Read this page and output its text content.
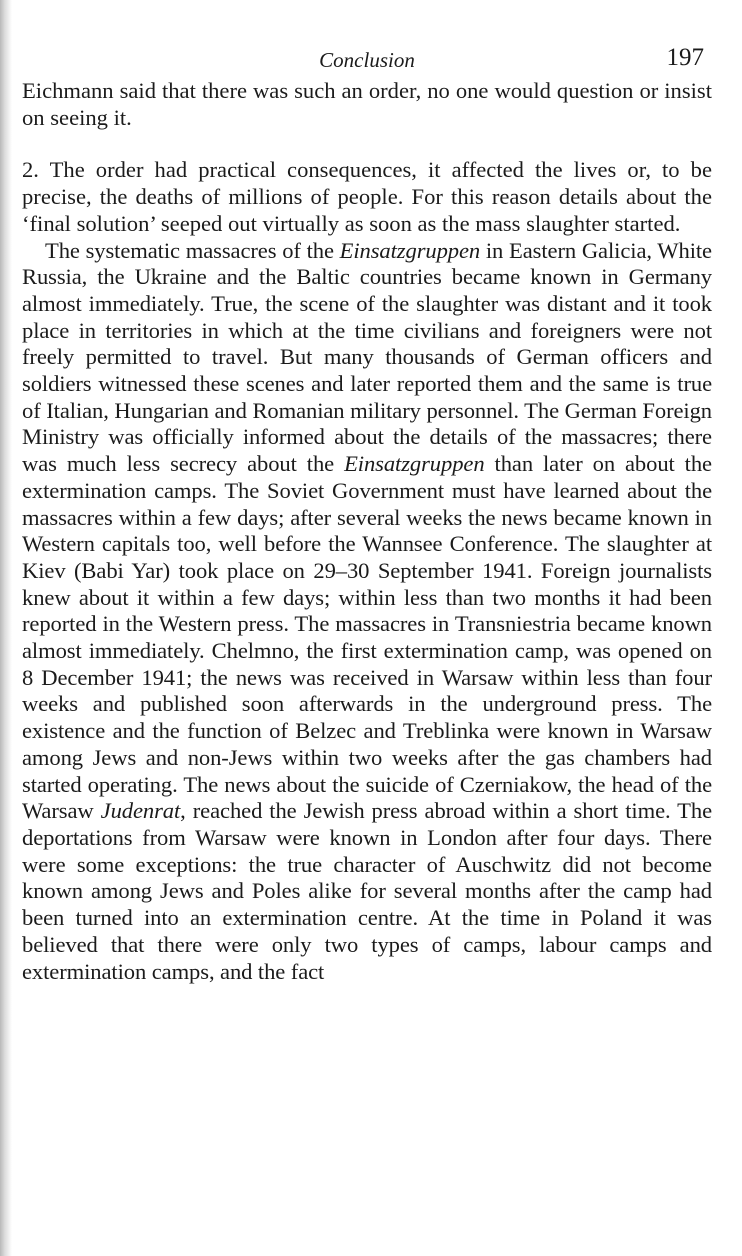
Conclusion	197

Eichmann said that there was such an order, no one would question or insist on seeing it.

2. The order had practical consequences, it affected the lives or, to be precise, the deaths of millions of people. For this reason details about the ‘final solution’ seeped out virtually as soon as the mass slaughter started.

The systematic massacres of the Einsatzgruppen in Eastern Galicia, White Russia, the Ukraine and the Baltic countries became known in Germany almost immediately. True, the scene of the slaughter was distant and it took place in territories in which at the time civilians and foreigners were not freely permitted to travel. But many thousands of German officers and soldiers witnessed these scenes and later reported them and the same is true of Italian, Hungarian and Romanian military personnel. The German Foreign Ministry was officially informed about the details of the massacres; there was much less secrecy about the Einsatzgruppen than later on about the extermination camps. The Soviet Government must have learned about the massacres within a few days; after several weeks the news became known in Western capitals too, well before the Wannsee Conference. The slaughter at Kiev (Babi Yar) took place on 29–30 September 1941. Foreign journalists knew about it within a few days; within less than two months it had been reported in the Western press. The massacres in Transniestria became known almost immediately. Chelmno, the first extermination camp, was opened on 8 December 1941; the news was received in Warsaw within less than four weeks and published soon afterwards in the underground press. The existence and the function of Belzec and Treblinka were known in Warsaw among Jews and non-Jews within two weeks after the gas chambers had started operating. The news about the suicide of Czerniakow, the head of the Warsaw Judenrat, reached the Jewish press abroad within a short time. The deportations from Warsaw were known in London after four days. There were some exceptions: the true character of Auschwitz did not become known among Jews and Poles alike for several months after the camp had been turned into an extermination centre. At the time in Poland it was believed that there were only two types of camps, labour camps and extermination camps, and the fact
